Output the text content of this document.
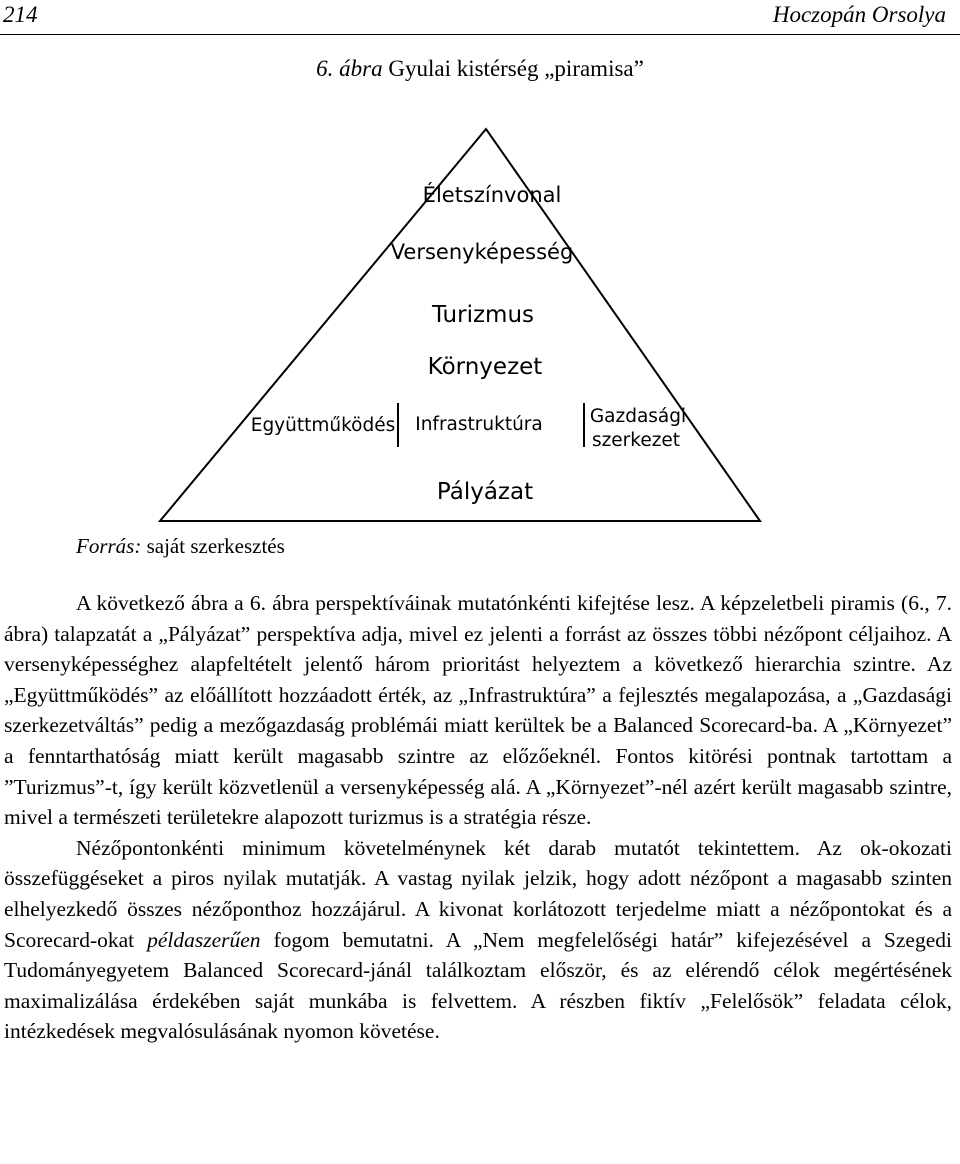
214	Hoczopán Orsolya
6. ábra Gyulai kistérség „piramisa”
Életszínvonal
Versenyképesség
Turizmus
Környezet
Együttműködés Infrastruktúra	Gazdasági
szerkezet
Pályázat
Forrás: saját szerkesztés

A következő ábra a 6. ábra perspektíváinak mutatónkénti kifejtése lesz. A képzeletbeli piramis (6., 7. ábra) talapzatát a „Pályázat” perspektíva adja, mivel ez jelenti a forrást az összes többi nézőpont céljaihoz. A versenyképességhez alapfeltételt jelentő három prioritást helyeztem a következő hierarchia szintre. Az „Együttműködés” az előállított hozzáadott érték, az „Infrastruktúra” a fejlesztés megalapozása, a „Gazdasági szerkezetváltás” pedig a mezőgazdaság problémái miatt kerültek be a Balanced Scorecard-ba. A „Környezet” a fenntarthatóság miatt került magasabb szintre az előzőeknél. Fontos kitörési pontnak tartottam a ”Turizmus”-t, így került közvetlenül a versenyképesség alá. A „Környezet”-nél azért került magasabb szintre, mivel a természeti területekre alapozott turizmus is a stratégia része.

Nézőpontonkénti minimum követelménynek két darab mutatót tekintettem. Az ok-okozati összefüggéseket a piros nyilak mutatják. A vastag nyilak jelzik, hogy adott nézőpont a magasabb szinten elhelyezkedő összes nézőponthoz hozzájárul. A kivonat korlátozott terjedelme miatt a nézőpontokat és a Scorecard-okat példaszerűen fogom bemutatni. A „Nem megfelelőségi határ” kifejezésével a Szegedi Tudományegyetem Balanced Scorecard-jánál találkoztam először, és az elérendő célok megértésének maximalizálása érdekében saját munkába is felvettem. A részben fiktív „Felelősök” feladata célok, intézkedések megvalósulásának nyomon követése.
